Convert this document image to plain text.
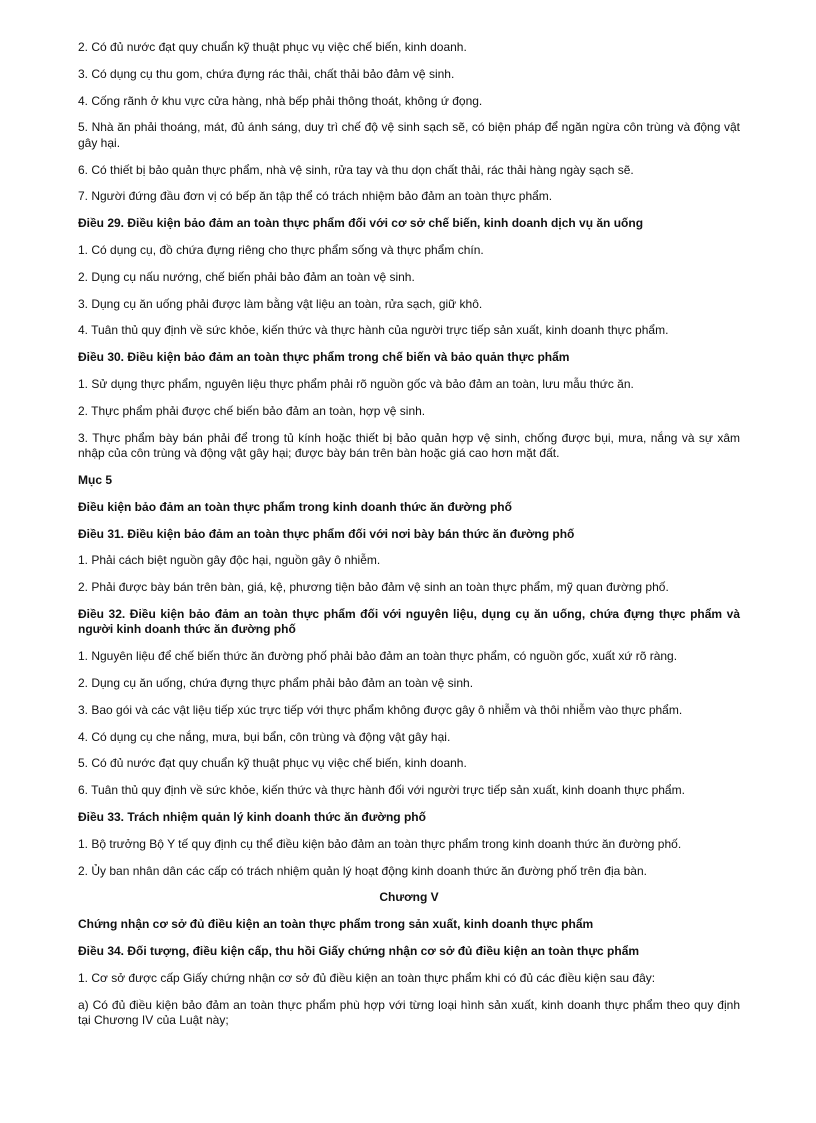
2. Có đủ nước đạt quy chuẩn kỹ thuật phục vụ việc chế biến, kinh doanh.

3. Có dụng cụ thu gom, chứa đựng rác thải, chất thải bảo đảm vệ sinh.

4. Cống rãnh ở khu vực cửa hàng, nhà bếp phải thông thoát, không ứ đọng.

5. Nhà ăn phải thoáng, mát, đủ ánh sáng, duy trì chế độ vệ sinh sạch sẽ, có biện pháp để ngăn ngừa côn trùng và động vật gây hại.

6. Có thiết bị bảo quản thực phẩm, nhà vệ sinh, rửa tay và thu dọn chất thải, rác thải hàng ngày sạch sẽ.

7. Người đứng đầu đơn vị có bếp ăn tập thể có trách nhiệm bảo đảm an toàn thực phẩm.

Điều 29. Điều kiện bảo đảm an toàn thực phẩm đối với cơ sở chế biến, kinh doanh dịch vụ ăn uống

1. Có dụng cụ, đồ chứa đựng riêng cho thực phẩm sống và thực phẩm chín.

2. Dụng cụ nấu nướng, chế biến phải bảo đảm an toàn vệ sinh.

3. Dụng cụ ăn uống phải được làm bằng vật liệu an toàn, rửa sạch, giữ khô.

4. Tuân thủ quy định về sức khỏe, kiến thức và thực hành của người trực tiếp sản xuất, kinh doanh thực phẩm.

Điều 30. Điều kiện bảo đảm an toàn thực phẩm trong chế biến và bảo quản thực phẩm

1. Sử dụng thực phẩm, nguyên liệu thực phẩm phải rõ nguồn gốc và bảo đảm an toàn, lưu mẫu thức ăn.

2. Thực phẩm phải được chế biến bảo đảm an toàn, hợp vệ sinh.

3. Thực phẩm bày bán phải để trong tủ kính hoặc thiết bị bảo quản hợp vệ sinh, chống được bụi, mưa, nắng và sự xâm nhập của côn trùng và động vật gây hại; được bày bán trên bàn hoặc giá cao hơn mặt đất.

Mục 5

Điều kiện bảo đảm an toàn thực phẩm trong kinh doanh thức ăn đường phố

Điều 31. Điều kiện bảo đảm an toàn thực phẩm đối với nơi bày bán thức ăn đường phố

1. Phải cách biệt nguồn gây độc hại, nguồn gây ô nhiễm.

2. Phải được bày bán trên bàn, giá, kệ, phương tiện bảo đảm vệ sinh an toàn thực phẩm, mỹ quan đường phố.

Điều 32. Điều kiện bảo đảm an toàn thực phẩm đối với nguyên liệu, dụng cụ ăn uống, chứa đựng thực phẩm và người kinh doanh thức ăn đường phố

1. Nguyên liệu để chế biến thức ăn đường phố phải bảo đảm an toàn thực phẩm, có nguồn gốc, xuất xứ rõ ràng.

2. Dụng cụ ăn uống, chứa đựng thực phẩm phải bảo đảm an toàn vệ sinh.

3. Bao gói và các vật liệu tiếp xúc trực tiếp với thực phẩm không được gây ô nhiễm và thôi nhiễm vào thực phẩm.

4. Có dụng cụ che nắng, mưa, bụi bẩn, côn trùng và động vật gây hại.

5. Có đủ nước đạt quy chuẩn kỹ thuật phục vụ việc chế biến, kinh doanh.

6. Tuân thủ quy định về sức khỏe, kiến thức và thực hành đối với người trực tiếp sản xuất, kinh doanh thực phẩm.

Điều 33. Trách nhiệm quản lý kinh doanh thức ăn đường phố

1. Bộ trưởng Bộ Y tế quy định cụ thể điều kiện bảo đảm an toàn thực phẩm trong kinh doanh thức ăn đường phố.

2. Ủy ban nhân dân các cấp có trách nhiệm quản lý hoạt động kinh doanh thức ăn đường phố trên địa bàn.

Chương V

Chứng nhận cơ sở đủ điều kiện an toàn thực phẩm trong sản xuất, kinh doanh thực phẩm

Điều 34. Đối tượng, điều kiện cấp, thu hồi Giấy chứng nhận cơ sở đủ điều kiện an toàn thực phẩm

1. Cơ sở được cấp Giấy chứng nhận cơ sở đủ điều kiện an toàn thực phẩm khi có đủ các điều kiện sau đây:

a) Có đủ điều kiện bảo đảm an toàn thực phẩm phù hợp với từng loại hình sản xuất, kinh doanh thực phẩm theo quy định tại Chương IV của Luật này;
